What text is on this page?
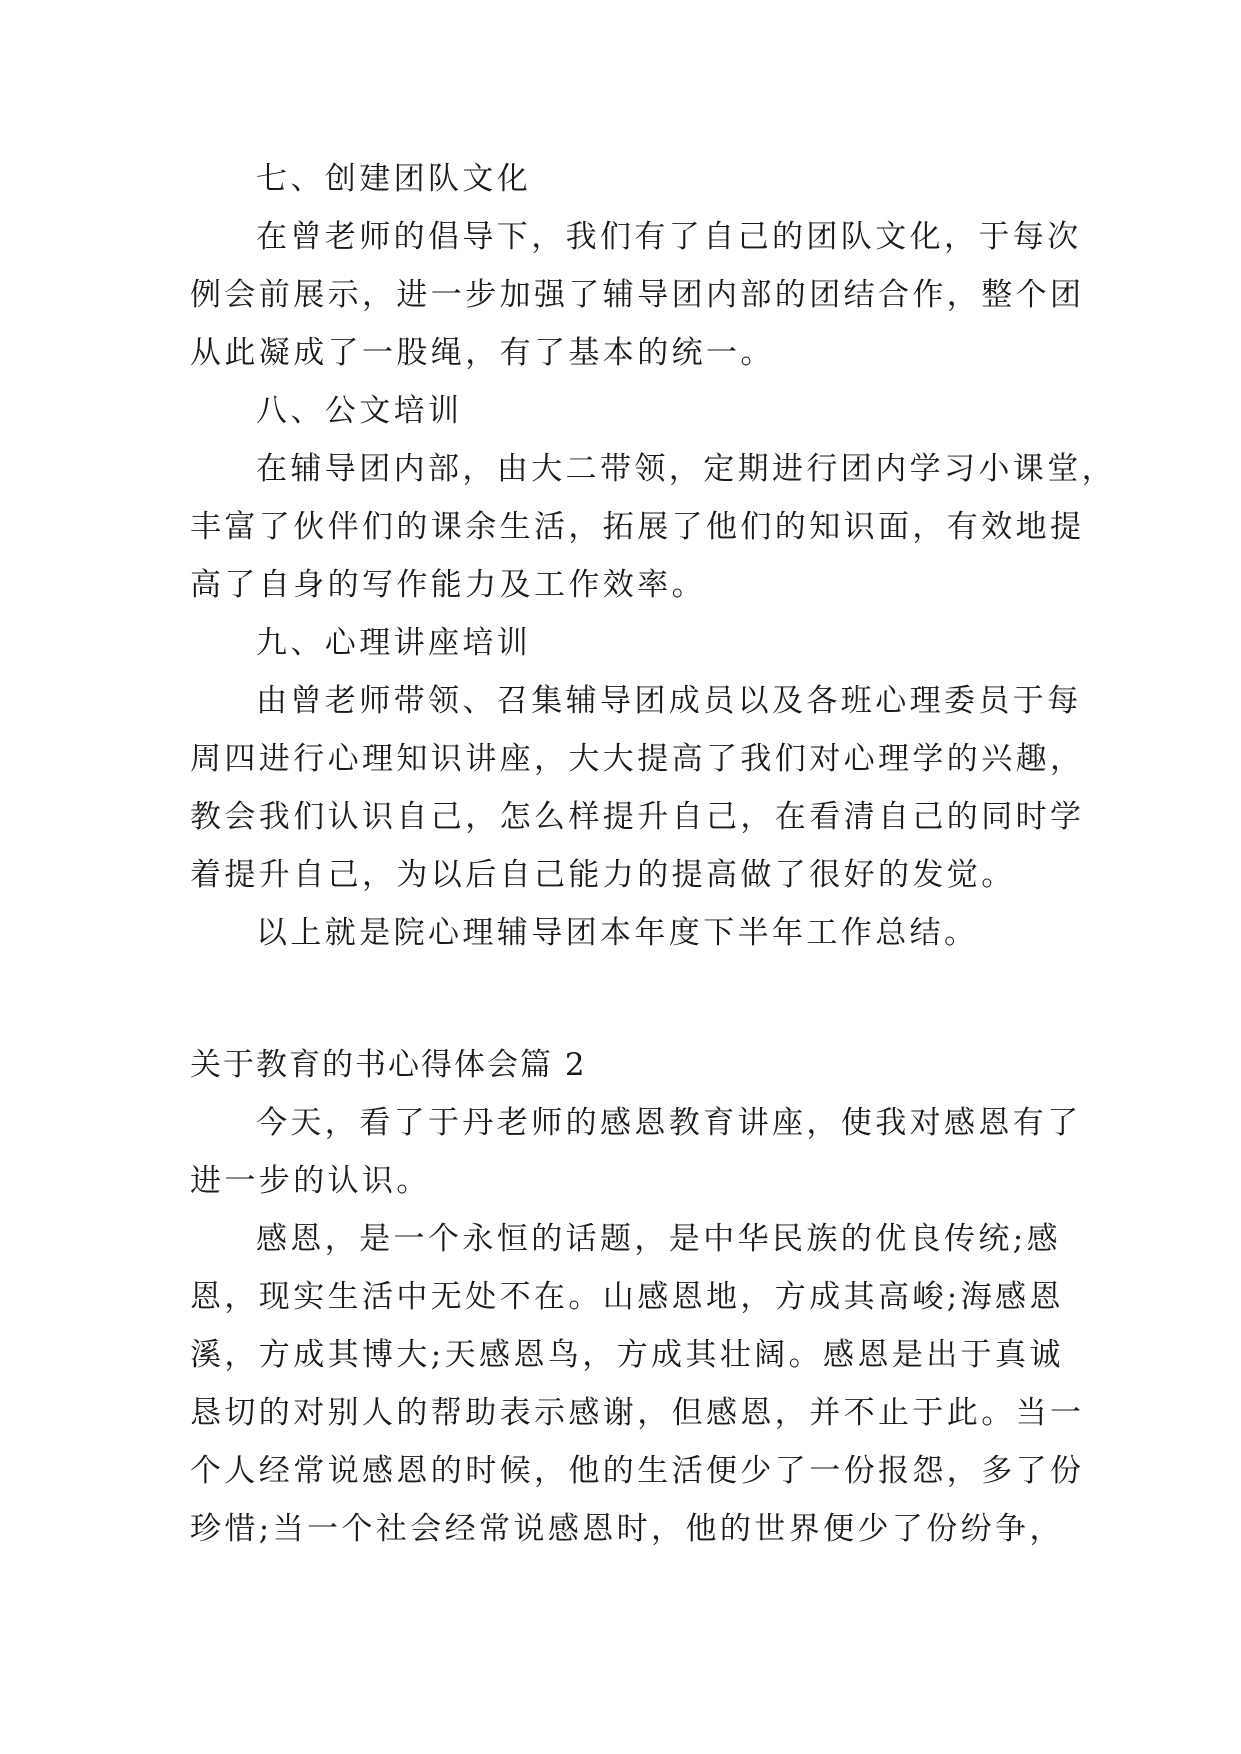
七、创建团队文化
在曾老师的倡导下，我们有了自己的团队文化，于每次
例会前展示，进一步加强了辅导团内部的团结合作，整个团
从此凝成了一股绳，有了基本的统一。
八、公文培训
在辅导团内部，由大二带领，定期进行团内学习小课堂，
丰富了伙伴们的课余生活，拓展了他们的知识面，有效地提
高了自身的写作能力及工作效率。
九、心理讲座培训
由曾老师带领、召集辅导团成员以及各班心理委员于每
周四进行心理知识讲座，大大提高了我们对心理学的兴趣，
教会我们认识自己，怎么样提升自己，在看清自己的同时学
着提升自己，为以后自己能力的提高做了很好的发觉。
以上就是院心理辅导团本年度下半年工作总结。
关于教育的书心得体会篇 2
今天，看了于丹老师的感恩教育讲座，使我对感恩有了
进一步的认识。
感恩，是一个永恒的话题，是中华民族的优良传统;感
恩，现实生活中无处不在。山感恩地，方成其高峻;海感恩
溪，方成其博大;天感恩鸟，方成其壮阔。感恩是出于真诚
恳切的对别人的帮助表示感谢，但感恩，并不止于此。当一
个人经常说感恩的时候，他的生活便少了一份报怨，多了份
珍惜;当一个社会经常说感恩时，他的世界便少了份纷争，
